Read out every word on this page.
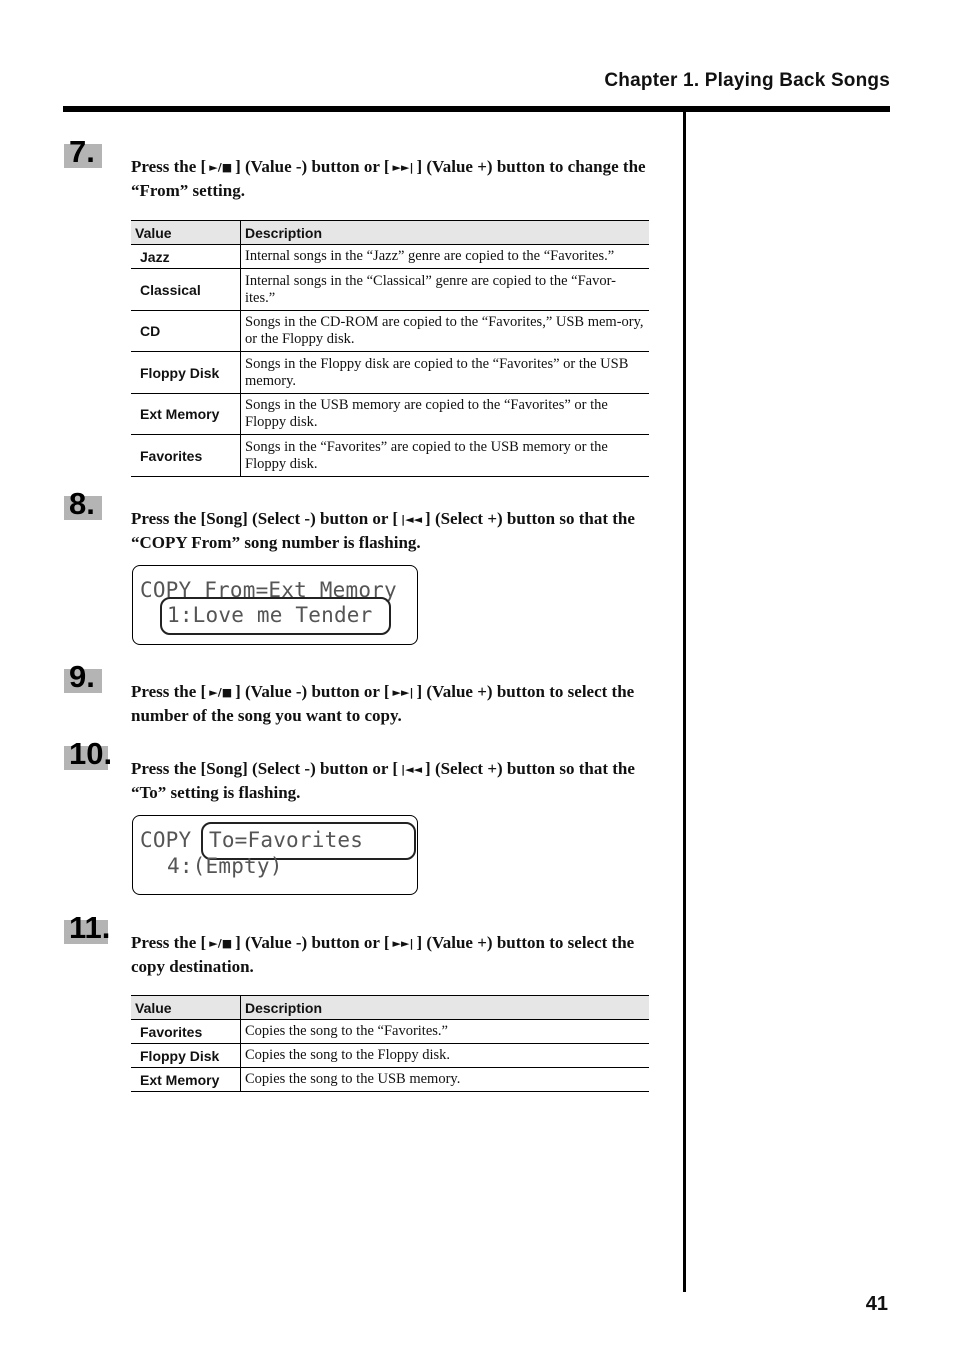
Chapter 1. Playing Back Songs
7. Press the [ ►/■ ] (Value -) button or [ ►►| ] (Value +) button to change the “From” setting.
Value	Description
Jazz	Internal songs in the “Jazz” genre are copied to the “Favorites.”
Classical	Internal songs in the “Classical” genre are copied to the “Favor-ites.”
CD	Songs in the CD-ROM are copied to the “Favorites,” USB mem-ory, or the Floppy disk.
Floppy Disk	Songs in the Floppy disk are copied to the “Favorites” or the USB memory.
Ext Memory	Songs in the USB memory are copied to the “Favorites” or the Floppy disk.
Favorites	Songs in the “Favorites” are copied to the USB memory or the Floppy disk.
8. Press the [Song] (Select -) button or [ |◄◄ ] (Select +) button so that the “COPY From” song number is flashing.
COPY From=Ext Memory
1:Love me Tender
9. Press the [ ►/■ ] (Value -) button or [ ►►| ] (Value +) button to select the number of the song you want to copy.
10. Press the [Song] (Select -) button or [ |◄◄ ] (Select +) button so that the “To” setting is flashing.
COPY To=Favorites
4:(Empty)
11. Press the [ ►/■ ] (Value -) button or [ ►►| ] (Value +) button to select the copy destination.
Value	Description
Favorites	Copies the song to the “Favorites.”
Floppy Disk	Copies the song to the Floppy disk.
Ext Memory	Copies the song to the USB memory.
41
